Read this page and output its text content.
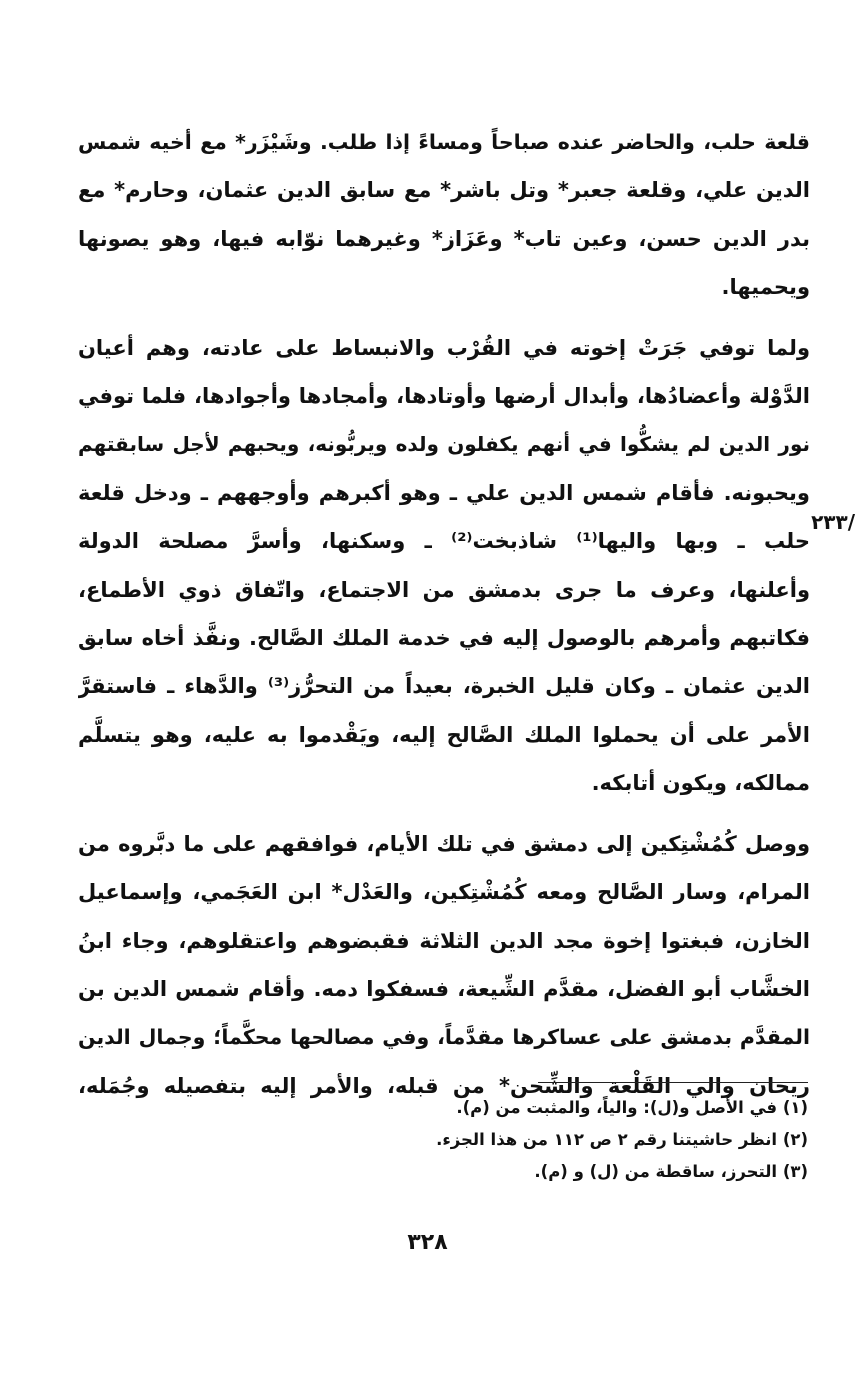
قلعة حلب، والحاضر عنده صباحاً ومساءً إذا طلب. وشَيْزَر* مع أخيه شمس
الدين علي، وقلعة جعبر* وتل باشر* مع سابق الدين عثمان، وحارم* مع
بدر الدين حسن، وعين تاب* وعَزَاز* وغيرهما نوّابه فيها، وهو يصونها
ويحميها.

ولما توفي جَرَتْ إخوته في القُرْب والانبساط على عادته، وهم أعيان
الدَّوْلة وأعضادُها، وأبدال أرضها وأوتادها، وأمجادها وأجوادها، فلما توفي
نور الدين لم يشكُّوا في أنهم يكفلون ولده ويربُّونه، ويحبهم لأجل سابقتهم
ويحبونه. فأقام شمس الدين علي ـ وهو أكبرهم وأوجههم ـ ودخل قلعة
حلب ـ وبها واليها⁽¹⁾ شاذبخت⁽²⁾ ـ وسكنها، وأسرَّ مصلحة الدولة
وأعلنها، وعرف ما جرى بدمشق من الاجتماع، واتّفاق ذوي الأطماع،
فكاتبهم وأمرهم بالوصول إليه في خدمة الملك الصَّالح. ونفَّذ أخاه سابق
الدين عثمان ـ وكان قليل الخبرة، بعيداً من التحرُّز⁽³⁾ والدَّهاء ـ فاستقرَّ
الأمر على أن يحملوا الملك الصَّالح إليه، ويَقْدموا به عليه، وهو يتسلَّم
ممالكه، ويكون أتابكه.

ووصل كُمُشْتِكين إلى دمشق في تلك الأيام، فوافقهم على ما دبَّروه من
المرام، وسار الصَّالح ومعه كُمُشْتِكين، والعَدْل* ابن العَجَمي، وإسماعيل
الخازن، فبغتوا إخوة مجد الدين الثلاثة فقبضوهم واعتقلوهم، وجاء ابنُ
الخشَّاب أبو الفضل، مقدَّم الشِّيعة، فسفكوا دمه. وأقام شمس الدين بن
المقدَّم بدمشق على عساكرها مقدَّماً، وفي مصالحها محكَّماً؛ وجمال الدين
ريحان والي القَلْعة والشِّحن* من قبله، والأمر إليه بتفصيله وجُمَله،

/٢٣٣
(١) في الأصل و(ل): والياً، والمثبت من (م).
(٢) انظر حاشيتنا رقم ٢ ص ١١٢ من هذا الجزء.
(٣) التحرز، ساقطة من (ل) و (م).
٣٢٨
